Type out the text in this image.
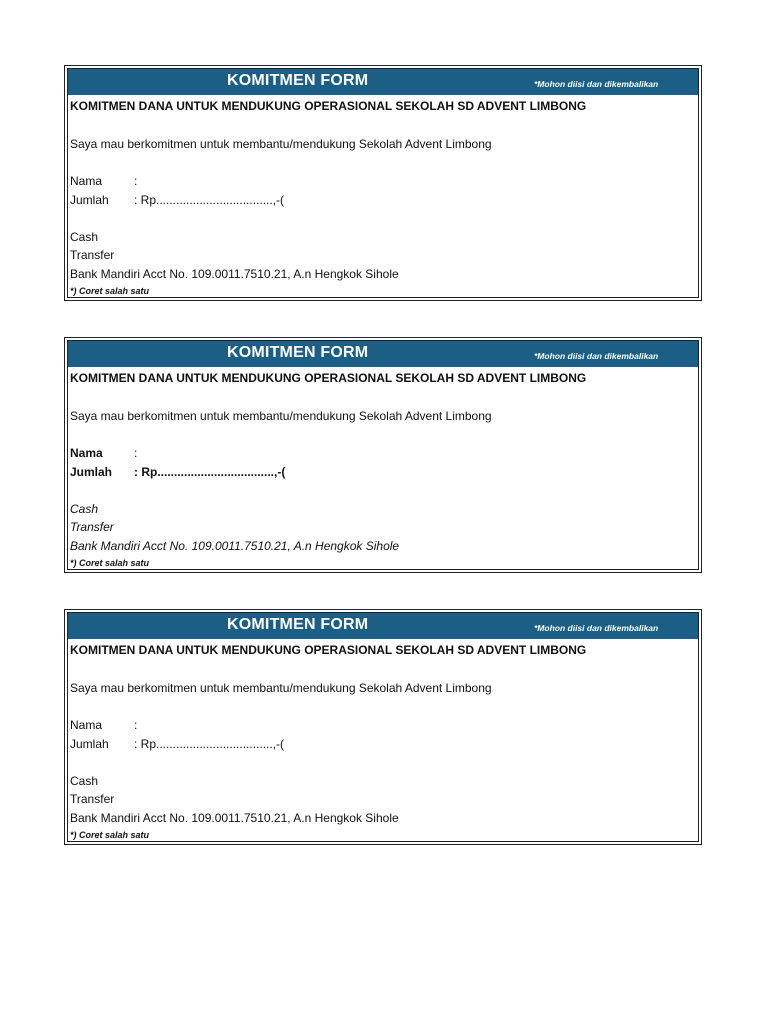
KOMITMEN FORM	*Mohon diisi dan dikembalikan
KOMITMEN DANA UNTUK MENDUKUNG OPERASIONAL SEKOLAH SD ADVENT LIMBONG
Saya mau berkomitmen untuk membantu/mendukung Sekolah Advent Limbong
Nama	:
Jumlah : Rp...................................,-(
Cash
Transfer
Bank Mandiri Acct No. 109.0011.7510.21, A.n Hengkok Sihole
*) Coret salah satu
KOMITMEN FORM	*Mohon diisi dan dikembalikan
KOMITMEN DANA UNTUK MENDUKUNG OPERASIONAL SEKOLAH SD ADVENT LIMBONG
Saya mau berkomitmen untuk membantu/mendukung Sekolah Advent Limbong
Nama	:
Jumlah : Rp...................................,-(
Cash
Transfer
Bank Mandiri Acct No. 109.0011.7510.21, A.n Hengkok Sihole
*) Coret salah satu
KOMITMEN FORM	*Mohon diisi dan dikembalikan
KOMITMEN DANA UNTUK MENDUKUNG OPERASIONAL SEKOLAH SD ADVENT LIMBONG
Saya mau berkomitmen untuk membantu/mendukung Sekolah Advent Limbong
Nama	:
Jumlah : Rp...................................,-(
Cash
Transfer
Bank Mandiri Acct No. 109.0011.7510.21, A.n Hengkok Sihole
*) Coret salah satu
